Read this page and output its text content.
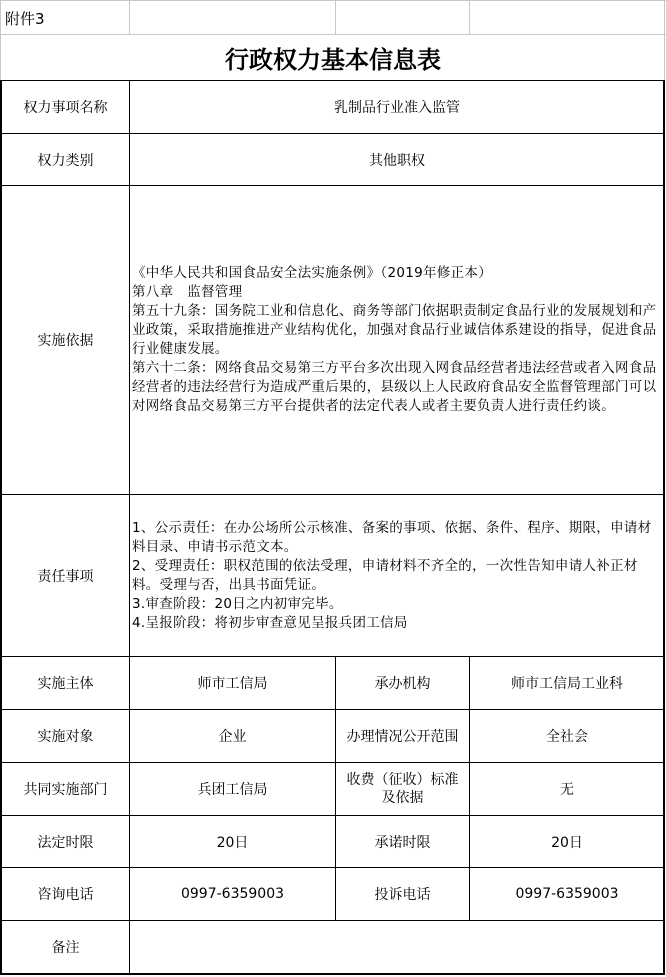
附件3
行政权力基本信息表
权力事项名称	乳制品行业准入监管		
权力类别	其他职权		
实施依据	《中华人民共和国食品安全法实施条例》（2019年修正本）
第八章　监督管理
第五十九条：国务院工业和信息化、商务等部门依据职责制定食品行业的发展规划和产业政策，采取措施推进产业结构优化，加强对食品行业诚信体系建设的指导，促进食品行业健康发展。
第六十二条：网络食品交易第三方平台多次出现入网食品经营者违法经营或者入网食品经营者的违法经营行为造成严重后果的，县级以上人民政府食品安全监督管理部门可以对网络食品交易第三方平台提供者的法定代表人或者主要负责人进行责任约谈。		

责任事项	1、公示责任：在办公场所公示核准、备案的事项、依据、条件、程序、期限，申请材料目录、申请书示范文本。
2、受理责任：职权范围的依法受理，申请材料不齐全的，一次性告知申请人补正材料。受理与否，出具书面凭证。
3.审查阶段：20日之内初审完毕。
4.呈报阶段：将初步审查意见呈报兵团工信局		

实施主体	师市工信局	承办机构	师市工信局工业科
实施对象	企业	办理情况公开范围	全社会
共同实施部门	兵团工信局	收费（征收）标准及依据	无
法定时限	20日	承诺时限	20日
咨询电话	0997-6359003	投诉电话	0997-6359003
备注			
